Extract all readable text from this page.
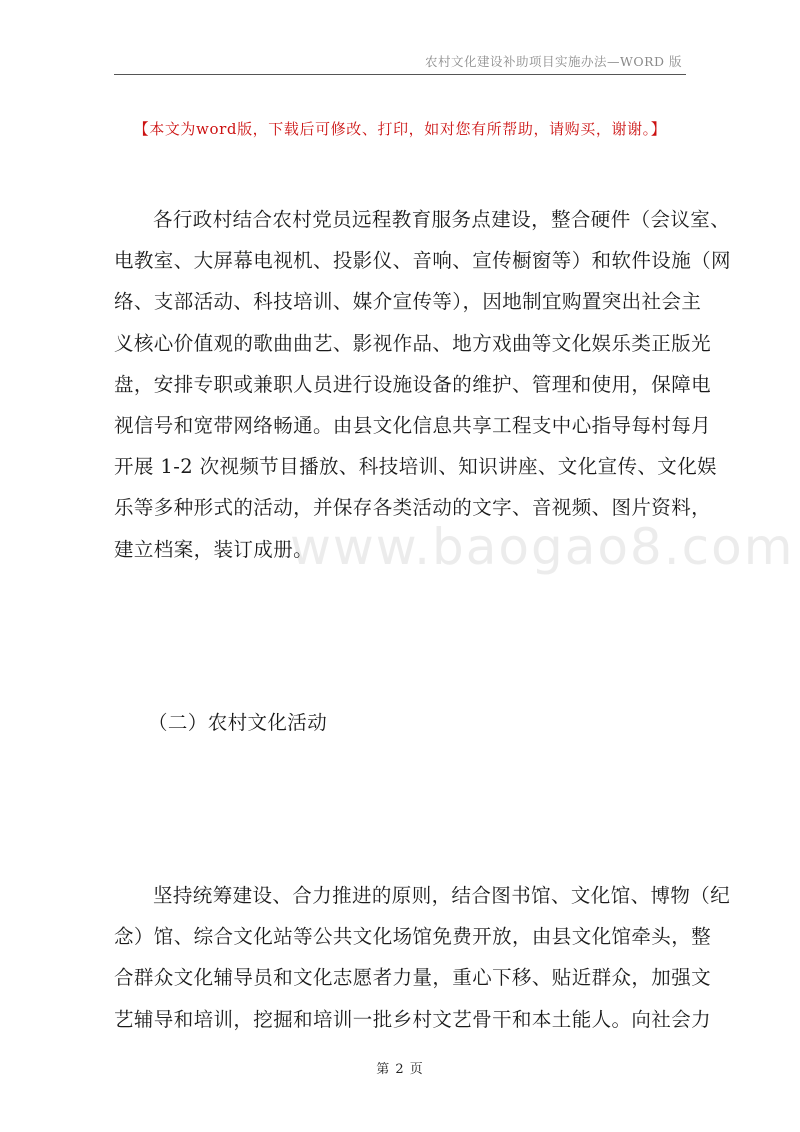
农村文化建设补助项目实施办法—WORD 版
【本文为word版，下载后可修改、打印，如对您有所帮助，请购买，谢谢。】
www.baogao8.com
各行政村结合农村党员远程教育服务点建设，整合硬件（会议室、
电教室、大屏幕电视机、投影仪、音响、宣传橱窗等）和软件设施（网
络、支部活动、科技培训、媒介宣传等），因地制宜购置突出社会主
义核心价值观的歌曲曲艺、影视作品、地方戏曲等文化娱乐类正版光
盘，安排专职或兼职人员进行设施设备的维护、管理和使用，保障电
视信号和宽带网络畅通。由县文化信息共享工程支中心指导每村每月
开展 1-2 次视频节目播放、科技培训、知识讲座、文化宣传、文化娱
乐等多种形式的活动，并保存各类活动的文字、音视频、图片资料，
建立档案，装订成册。
（二）农村文化活动
坚持统筹建设、合力推进的原则，结合图书馆、文化馆、博物（纪
念）馆、综合文化站等公共文化场馆免费开放，由县文化馆牵头，整
合群众文化辅导员和文化志愿者力量，重心下移、贴近群众，加强文
艺辅导和培训，挖掘和培训一批乡村文艺骨干和本土能人。向社会力
第 2 页
